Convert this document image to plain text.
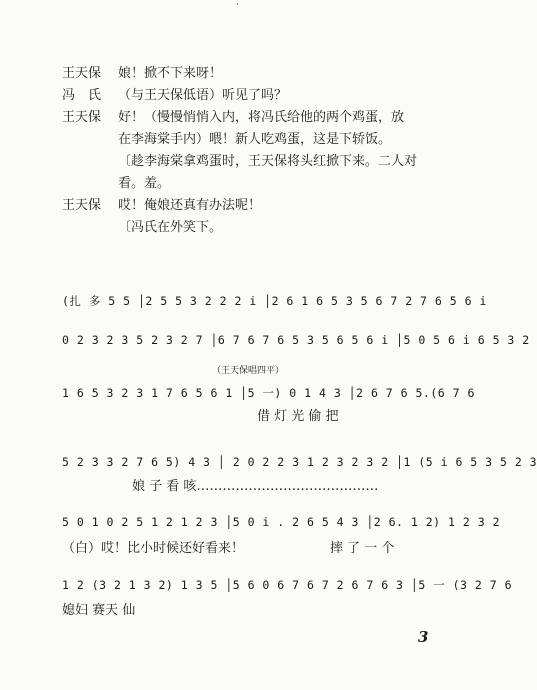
·
王天保	娘！掀不下来呀！
冯　氏	（与王天保低语）听见了吗？
王天保	好！（慢慢悄悄入内，将冯氏给他的两个鸡蛋，放
在李海棠手内）喂！新人吃鸡蛋，这是下轿饭。
〔趁李海棠拿鸡蛋时，王天保将头红掀下来。二人对
看。羞。
王天保	哎！俺娘还真有办法呢！
〔冯氏在外笑下。
(扎 多 5 5 │2 5 5 3 2 2 2 i │2 6 1 6 5 3 5 6 7 2 7 6 5 6 i
0 2 3 2 3 5 2 3 2 7 │6 7 6 7 6 5 3 5 6 5 6 i │5 0 5 6 i 6 5 3 2
（王天保唱四平）
1 6 5 3 2 3 1 7 6 5 6 1 │5 一) 0 1 4 3 │2 6 7 6 5.(6 7 6
借 灯 光 偷 把
5 2 3 3 2 7 6 5) 4 3 │ 2 0 2 2 3 1 2 3 2 3 2 │1 (5 i 6 5 3 5 2 3
娘 子 看 咳……………………………………
5 0 1 0 2 5 1 2 1 2 3 │5 0 i . 2 6 5 4 3 │2 6. 1 2) 1 2 3 2
（白）哎！比小时候还好看来！	摔 了 一 个
1 2 (3 2 1 3 2) 1 3 5 │5 6 0 6 7 6 7 2 6 7 6 3 │5 一 (3 2 7 6
媳妇 赛天 仙
3
